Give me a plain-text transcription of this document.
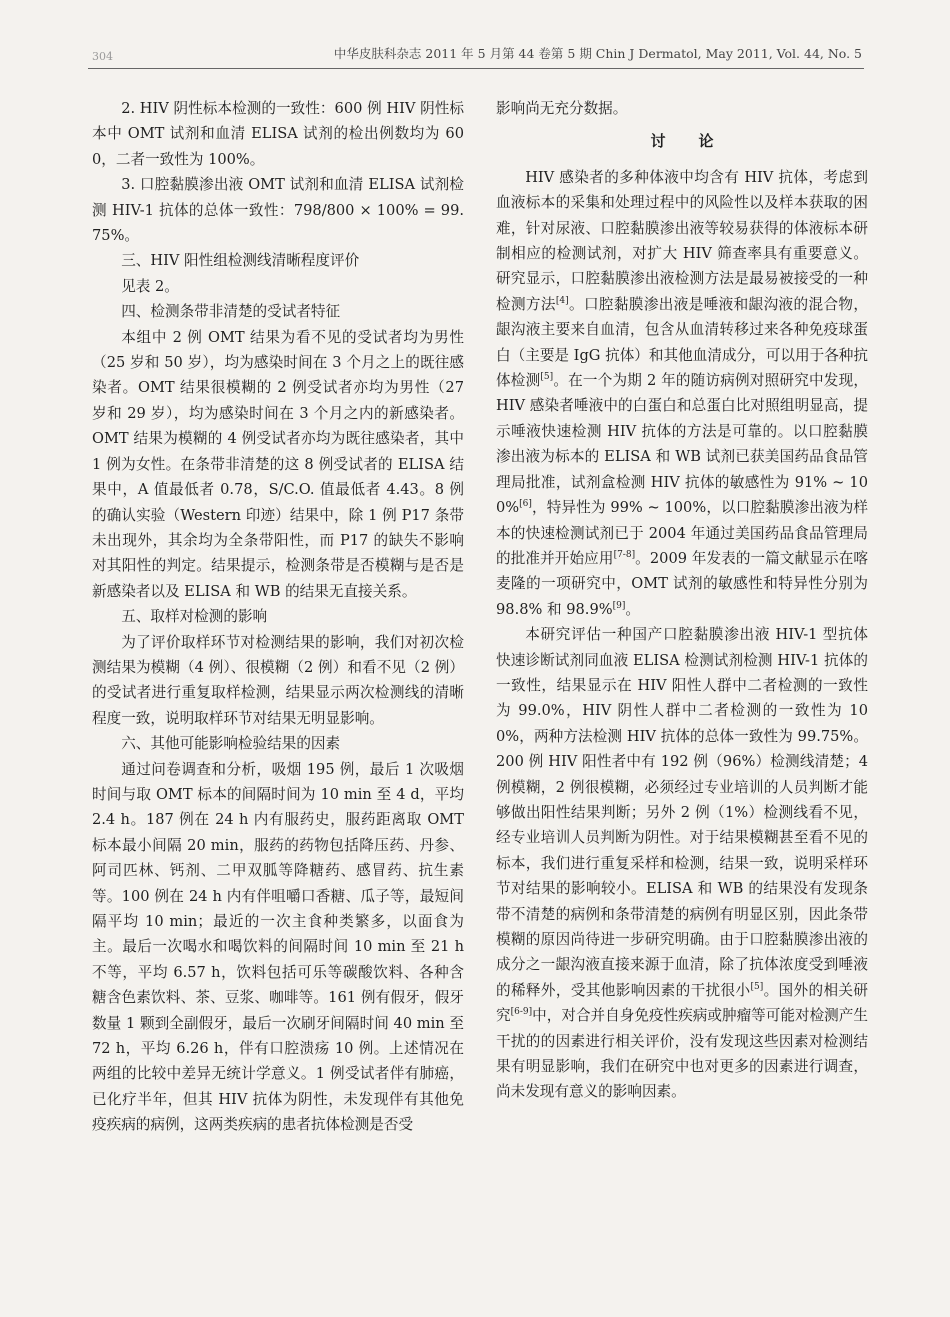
304	中华皮肤科杂志 2011 年 5 月第 44 卷第 5 期 Chin J Dermatol, May 2011, Vol. 44, No. 5

2. HIV 阴性标本检测的一致性：600 例 HIV 阴性标本中 OMT 试剂和血清 ELISA 试剂的检出例数均为 600，二者一致性为 100%。

3. 口腔黏膜渗出液 OMT 试剂和血清 ELISA 试剂检测 HIV-1 抗体的总体一致性：798/800 × 100% = 99.75%。

三、HIV 阳性组检测线清晰程度评价

见表 2。

四、检测条带非清楚的受试者特征

本组中 2 例 OMT 结果为看不见的受试者均为男性（25 岁和 50 岁），均为感染时间在 3 个月之上的既往感染者。OMT 结果很模糊的 2 例受试者亦均为男性（27 岁和 29 岁），均为感染时间在 3 个月之内的新感染者。OMT 结果为模糊的 4 例受试者亦均为既往感染者，其中 1 例为女性。在条带非清楚的这 8 例受试者的 ELISA 结果中，A 值最低者 0.78，S/C.O. 值最低者 4.43。8 例的确认实验（Western 印迹）结果中，除 1 例 P17 条带未出现外，其余均为全条带阳性，而 P17 的缺失不影响对其阳性的判定。结果提示，检测条带是否模糊与是否是新感染者以及 ELISA 和 WB 的结果无直接关系。

五、取样对检测的影响

为了评价取样环节对检测结果的影响，我们对初次检测结果为模糊（4 例）、很模糊（2 例）和看不见（2 例）的受试者进行重复取样检测，结果显示两次检测线的清晰程度一致，说明取样环节对结果无明显影响。

六、其他可能影响检验结果的因素

通过问卷调查和分析，吸烟 195 例，最后 1 次吸烟时间与取 OMT 标本的间隔时间为 10 min 至 4 d，平均 2.4 h。187 例在 24 h 内有服药史，服药距离取 OMT 标本最小间隔 20 min，服药的药物包括降压药、丹参、阿司匹林、钙剂、二甲双胍等降糖药、感冒药、抗生素等。100 例在 24 h 内有伴咀嚼口香糖、瓜子等，最短间隔平均 10 min；最近的一次主食种类繁多，以面食为主。最后一次喝水和喝饮料的间隔时间 10 min 至 21 h 不等，平均 6.57 h，饮料包括可乐等碳酸饮料、各种含糖含色素饮料、茶、豆浆、咖啡等。161 例有假牙，假牙数量 1 颗到全副假牙，最后一次刷牙间隔时间 40 min 至 72 h，平均 6.26 h，伴有口腔溃疡 10 例。上述情况在两组的比较中差异无统计学意义。1 例受试者伴有肺癌，已化疗半年，但其 HIV 抗体为阴性，未发现伴有其他免疫疾病的病例，这两类疾病的患者抗体检测是否受

影响尚无充分数据。

讨论

HIV 感染者的多种体液中均含有 HIV 抗体，考虑到血液标本的采集和处理过程中的风险性以及样本获取的困难，针对尿液、口腔黏膜渗出液等较易获得的体液标本研制相应的检测试剂，对扩大 HIV 筛查率具有重要意义。研究显示，口腔黏膜渗出液检测方法是最易被接受的一种检测方法[4]。口腔黏膜渗出液是唾液和龈沟液的混合物，龈沟液主要来自血清，包含从血清转移过来各种免疫球蛋白（主要是 IgG 抗体）和其他血清成分，可以用于各种抗体检测[5]。在一个为期 2 年的随访病例对照研究中发现，HIV 感染者唾液中的白蛋白和总蛋白比对照组明显高，提示唾液快速检测 HIV 抗体的方法是可靠的。以口腔黏膜渗出液为标本的 ELISA 和 WB 试剂已获美国药品食品管理局批准，试剂盒检测 HIV 抗体的敏感性为 91% ~ 100%[6]，特异性为 99% ~ 100%，以口腔黏膜渗出液为样本的快速检测试剂已于 2004 年通过美国药品食品管理局的批准并开始应用[7-8]。2009 年发表的一篇文献显示在喀麦隆的一项研究中，OMT 试剂的敏感性和特异性分别为 98.8% 和 98.9%[9]。

本研究评估一种国产口腔黏膜渗出液 HIV-1 型抗体快速诊断试剂同血液 ELISA 检测试剂检测 HIV-1 抗体的一致性，结果显示在 HIV 阳性人群中二者检测的一致性为 99.0%，HIV 阴性人群中二者检测的一致性为 100%，两种方法检测 HIV 抗体的总体一致性为 99.75%。200 例 HIV 阳性者中有 192 例（96%）检测线清楚；4 例模糊，2 例很模糊，必须经过专业培训的人员判断才能够做出阳性结果判断；另外 2 例（1%）检测线看不见，经专业培训人员判断为阴性。对于结果模糊甚至看不见的标本，我们进行重复采样和检测，结果一致，说明采样环节对结果的影响较小。ELISA 和 WB 的结果没有发现条带不清楚的病例和条带清楚的病例有明显区别，因此条带模糊的原因尚待进一步研究明确。由于口腔黏膜渗出液的成分之一龈沟液直接来源于血清，除了抗体浓度受到唾液的稀释外，受其他影响因素的干扰很小[5]。国外的相关研究[6-9]中，对合并自身免疫性疾病或肿瘤等可能对检测产生干扰的的因素进行相关评价，没有发现这些因素对检测结果有明显影响，我们在研究中也对更多的因素进行调查，尚未发现有意义的影响因素。
